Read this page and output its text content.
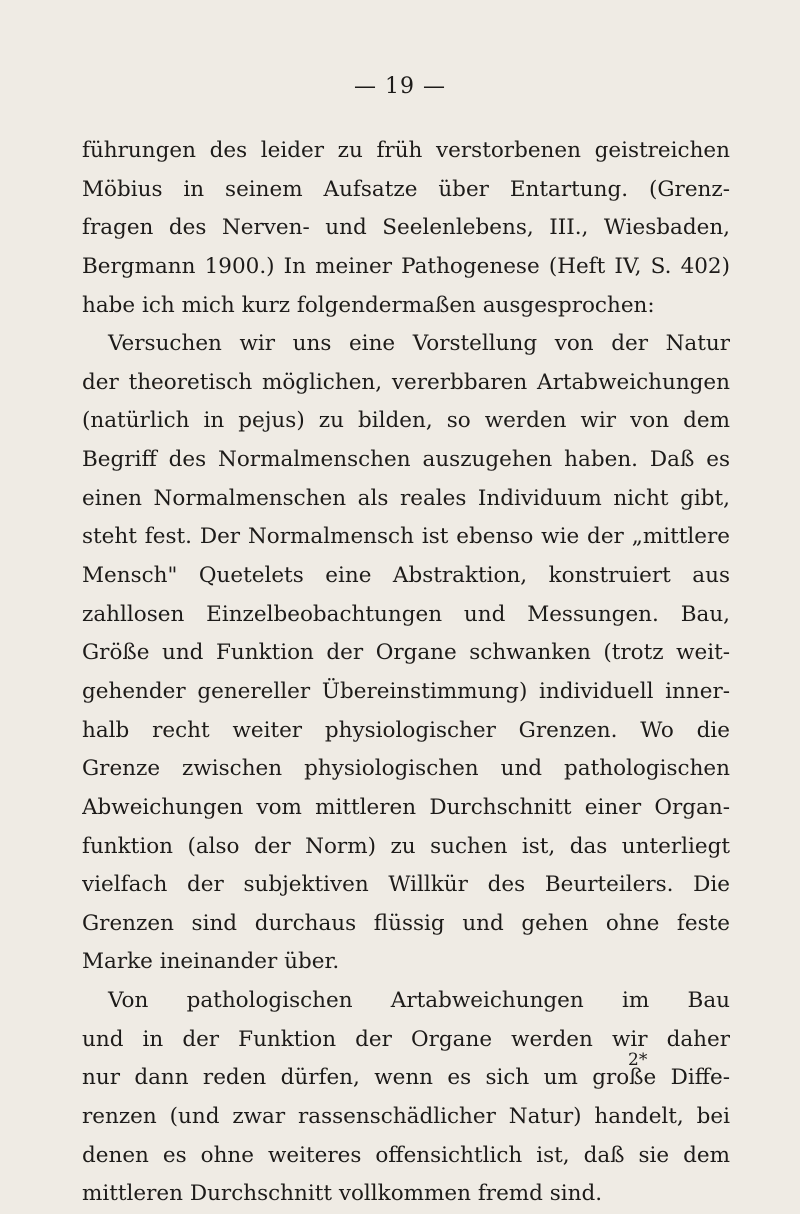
— 19 —
führungen des leider zu früh verstorbenen geistreichen
Möbius in seinem Aufsatze über Entartung. (Grenz-
fragen des Nerven- und Seelenlebens, III., Wiesbaden,
Bergmann 1900.) In meiner Pathogenese (Heft IV, S. 402)
habe ich mich kurz folgendermaßen ausgesprochen:
Versuchen wir uns eine Vorstellung von der Natur
der theoretisch möglichen, vererbbaren Artabweichungen
(natürlich in pejus) zu bilden, so werden wir von dem
Begriff des Normalmenschen auszugehen haben. Daß es
einen Normalmenschen als reales Individuum nicht gibt,
steht fest. Der Normalmensch ist ebenso wie der „mittlere
Mensch" Quetelets eine Abstraktion, konstruiert aus
zahllosen Einzelbeobachtungen und Messungen. Bau,
Größe und Funktion der Organe schwanken (trotz weit-
gehender genereller Übereinstimmung) individuell inner-
halb recht weiter physiologischer Grenzen. Wo die
Grenze zwischen physiologischen und pathologischen
Abweichungen vom mittleren Durchschnitt einer Organ-
funktion (also der Norm) zu suchen ist, das unterliegt
vielfach der subjektiven Willkür des Beurteilers. Die
Grenzen sind durchaus flüssig und gehen ohne feste
Marke ineinander über.
Von pathologischen Artabweichungen im Bau
und in der Funktion der Organe werden wir daher
nur dann reden dürfen, wenn es sich um große Diffe-
renzen (und zwar rassenschädlicher Natur) handelt, bei
denen es ohne weiteres offensichtlich ist, daß sie dem
mittleren Durchschnitt vollkommen fremd sind.
2*
